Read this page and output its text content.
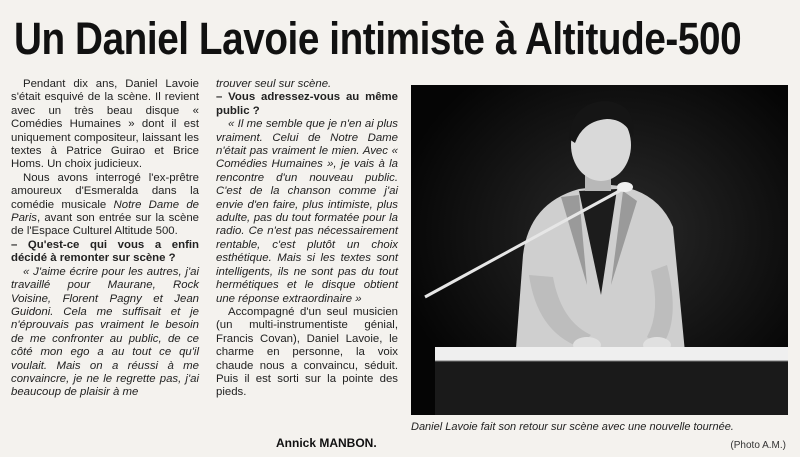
Un Daniel Lavoie intimiste à Altitude-500

Pendant dix ans, Daniel Lavoie s'était esquivé de la scène. Il revient avec un très beau disque « Comédies Humaines » dont il est uniquement compositeur, laissant les textes à Patrice Guirao et Brice Homs. Un choix judicieux.

Nous avons interrogé l'ex-prêtre amoureux d'Esmeralda dans la comédie musicale Notre Dame de Paris, avant son entrée sur la scène de l'Espace Culturel Altitude 500.

– Qu'est-ce qui vous a enfin décidé à remonter sur scène ?

« J'aime écrire pour les autres, j'ai travaillé pour Maurane, Rock Voisine, Florent Pagny et Jean Guidoni. Cela me suffisait et je n'éprouvais pas vraiment le besoin de me confronter au public, de ce côté mon ego a au tout ce qu'il voulait. Mais on a réussi à me convaincre, je ne le regrette pas, j'ai beaucoup de plaisir à me

trouver seul sur scène.

– Vous adressez-vous au même public ?

« Il me semble que je n'en ai plus vraiment. Celui de Notre Dame n'était pas vraiment le mien. Avec « Comédies Humaines », je vais à la rencontre d'un nouveau public. C'est de la chanson comme j'ai envie d'en faire, plus intimiste, plus adulte, pas du tout formatée pour la radio. Ce n'est pas nécessairement rentable, c'est plutôt un choix esthétique. Mais si les textes sont intelligents, ils ne sont pas du tout hermétiques et le disque obtient une réponse extraordinaire »

Accompagné d'un seul musicien (un multi-instrumentiste génial, Francis Covan), Daniel Lavoie, le charme en personne, la voix chaude nous a convaincu, séduit. Puis il est sorti sur la pointe des pieds.

Annick MANBON.
Daniel Lavoie fait son retour sur scène avec une nouvelle tournée.
(Photo A.M.)
